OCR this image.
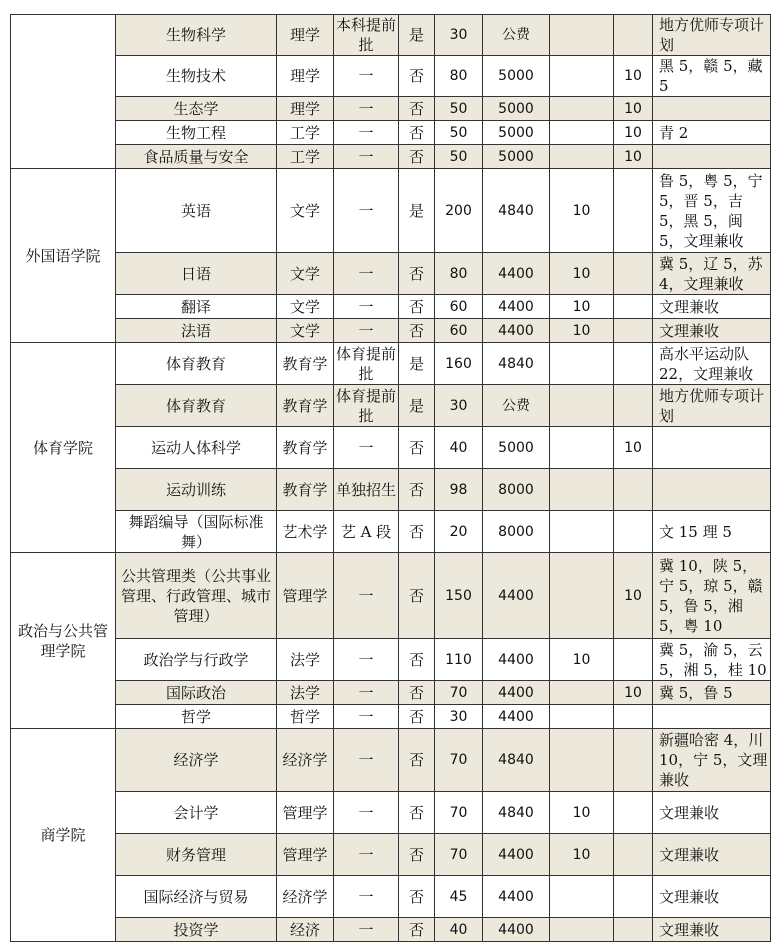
	生物科学	理学	本科提前批	是	30	公费			地方优师专项计划
	生物技术	理学	一	否	80	5000		10	黑 5，赣 5，藏 5
	生态学	理学	一	否	50	5000		10	
	生物工程	工学	一	否	50	5000		10	青 2
	食品质量与安全	工学	一	否	50	5000		10	
外国语学院	英语	文学	一	是	200	4840	10		鲁 5，粤 5，宁 5，晋 5，吉 5，黑 5，闽 5，文理兼收
	日语	文学	一	否	80	4400	10		冀 5，辽 5，苏 4，文理兼收
	翻译	文学	一	否	60	4400	10		文理兼收
	法语	文学	一	否	60	4400	10		文理兼收
体育学院	体育教育	教育学	体育提前批	是	160	4840			高水平运动队 22，文理兼收
	体育教育	教育学	体育提前批	是	30	公费			地方优师专项计划
	运动人体科学	教育学	一	否	40	5000		10	
	运动训练	教育学	单独招生	否	98	8000			
	舞蹈编导（国际标准舞）	艺术学	艺 A 段	否	20	8000			文 15 理 5
政治与公共管理学院	公共管理类（公共事业管理、行政管理、城市管理）	管理学	一	否	150	4400		10	冀 10，陕 5，宁 5，琼 5，赣 5，鲁 5，湘 5，粤 10
	政治学与行政学	法学	一	否	110	4400	10		冀 5，渝 5，云 5，湘 5，桂 10
	国际政治	法学	一	否	70	4400		10	冀 5，鲁 5
	哲学	哲学	一	否	30	4400			
商学院	经济学	经济学	一	否	70	4840			新疆哈密 4，川 10，宁 5，文理兼收
	会计学	管理学	一	否	70	4840	10		文理兼收
	财务管理	管理学	一	否	70	4400	10		文理兼收
	国际经济与贸易	经济学	一	否	45	4400			文理兼收
	投资学	经济	一	否	40	4400			文理兼收
